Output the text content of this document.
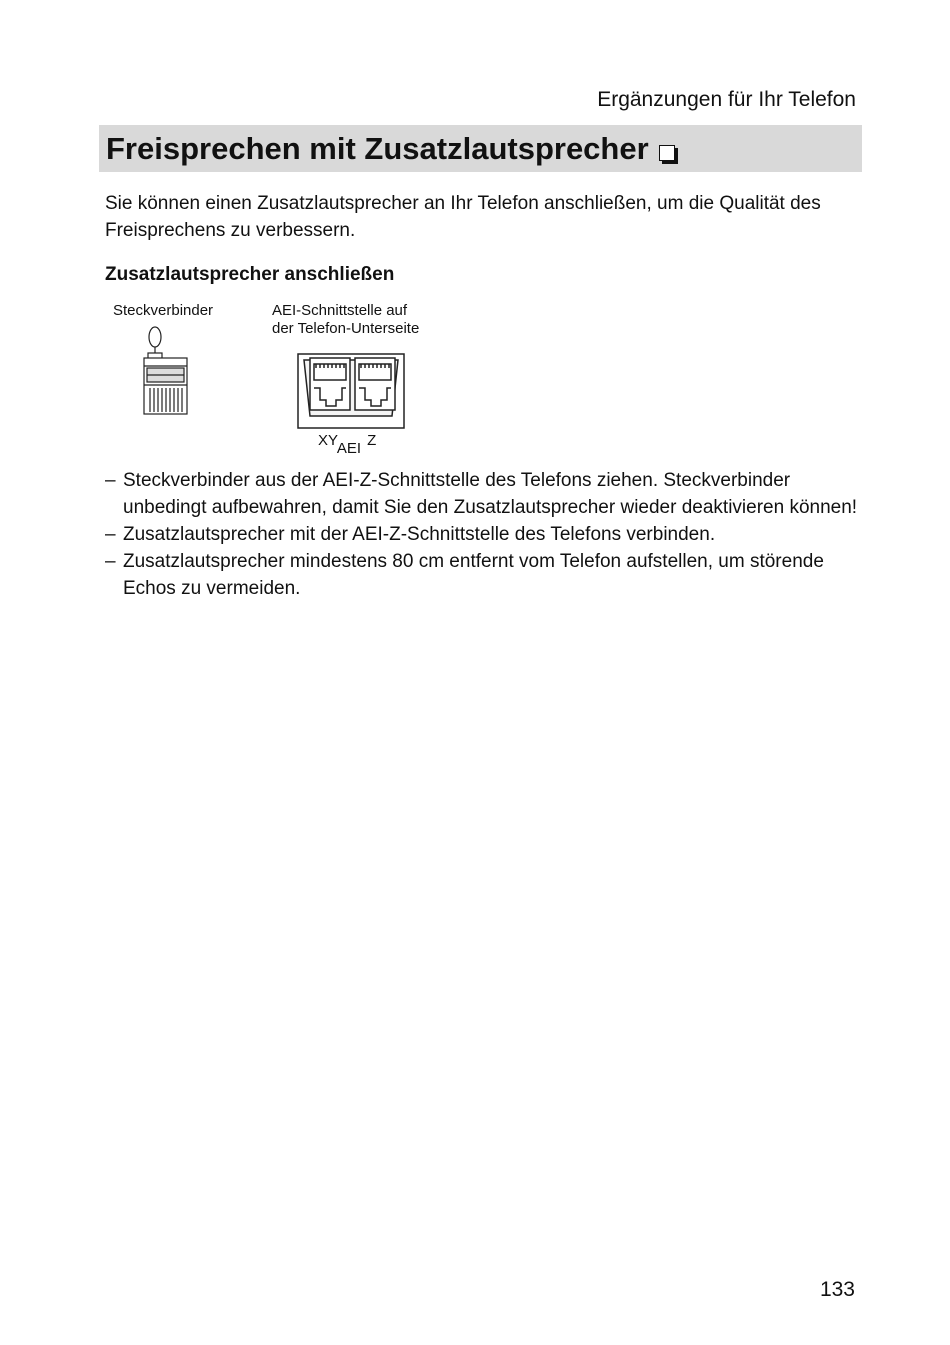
Ergänzungen für Ihr Telefon
Freisprechen mit Zusatzlautsprecher

Sie können einen Zusatzlautsprecher an Ihr Telefon anschließen, um die Qualität des Freisprechens zu verbessern.

Zusatzlautsprecher anschließen
Steckverbinder	AEI-Schnittstelle auf
der Telefon-Unterseite
XYAEI Z
– Steckverbinder aus der AEI-Z-Schnittstelle des Telefons ziehen. Steckverbinder unbedingt aufbewahren, damit Sie den Zusatzlautsprecher wieder deaktivieren können!
– Zusatzlautsprecher mit der AEI-Z-Schnittstelle des Telefons verbinden.
– Zusatzlautsprecher mindestens 80 cm entfernt vom Telefon aufstellen, um störende Echos zu vermeiden.
133
